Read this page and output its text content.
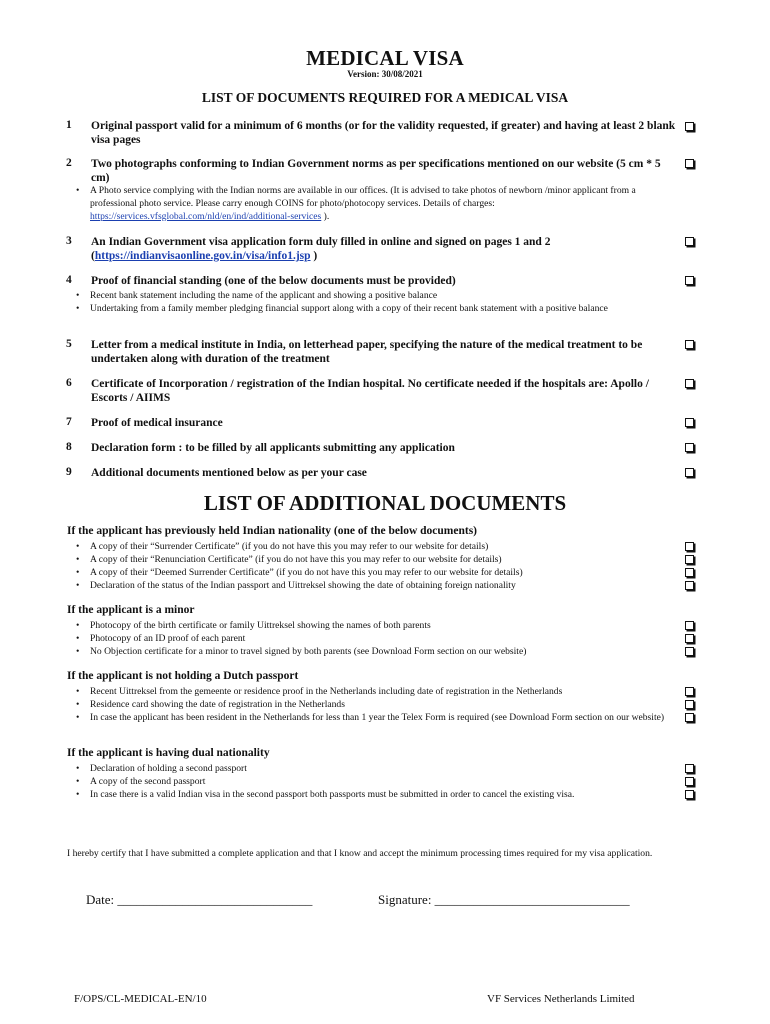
MEDICAL VISA
Version: 30/08/2021
LIST OF DOCUMENTS REQUIRED FOR A MEDICAL VISA
1 Original passport valid for a minimum of 6 months (or for the validity requested, if greater) and having at least 2 blank visa pages
2 Two photographs conforming to Indian Government norms as per specifications mentioned on our website (5 cm * 5 cm)
• A Photo service complying with the Indian norms are available in our offices. (It is advised to take photos of newborn /minor applicant from a professional photo service. Please carry enough COINS for photo/photocopy services. Details of charges: https://services.vfsglobal.com/nld/en/ind/additional-services ).
3 An Indian Government visa application form duly filled in online and signed on pages 1 and 2 (https://indianvisaonline.gov.in/visa/info1.jsp )
4 Proof of financial standing (one of the below documents must be provided)
• Recent bank statement including the name of the applicant and showing a positive balance
• Undertaking from a family member pledging financial support along with a copy of their recent bank statement with a positive balance
5 Letter from a medical institute in India, on letterhead paper, specifying the nature of the medical treatment to be undertaken along with duration of the treatment
6 Certificate of Incorporation / registration of the Indian hospital. No certificate needed if the hospitals are: Apollo / Escorts / AIIMS
7 Proof of medical insurance
8 Declaration form : to be filled by all applicants submitting any application
9 Additional documents mentioned below as per your case
LIST OF ADDITIONAL DOCUMENTS
If the applicant has previously held Indian nationality (one of the below documents)
• A copy of their “Surrender Certificate” (if you do not have this you may refer to our website for details)
• A copy of their “Renunciation Certificate” (if you do not have this you may refer to our website for details)
• A copy of their “Deemed Surrender Certificate” (if you do not have this you may refer to our website for details)
• Declaration of the status of the Indian passport and Uittreksel showing the date of obtaining foreign nationality
If the applicant is a minor
• Photocopy of the birth certificate or family Uittreksel showing the names of both parents
• Photocopy of an ID proof of each parent
• No Objection certificate for a minor to travel signed by both parents (see Download Form section on our website)
If the applicant is not holding a Dutch passport
• Recent Uittreksel from the gemeente or residence proof in the Netherlands including date of registration in the Netherlands
• Residence card showing the date of registration in the Netherlands
• In case the applicant has been resident in the Netherlands for less than 1 year the Telex Form is required (see Download Form section on our website)
If the applicant is having dual nationality
• Declaration of holding a second passport
• A copy of the second passport
• In case there is a valid Indian visa in the second passport both passports must be submitted in order to cancel the existing visa.
I hereby certify that I have submitted a complete application and that I know and accept the minimum processing times required for my visa application.
Date: ______________________________	Signature: ______________________________
F/OPS/CL-MEDICAL-EN/10	VF Services Netherlands Limited
